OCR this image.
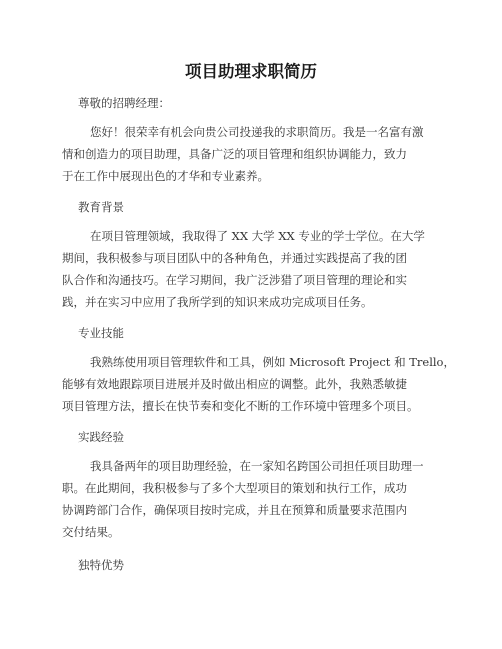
项目助理求职简历
尊敬的招聘经理：
您好！很荣幸有机会向贵公司投递我的求职简历。我是一名富有激
情和创造力的项目助理，具备广泛的项目管理和组织协调能力，致力
于在工作中展现出色的才华和专业素养。
教育背景
在项目管理领域，我取得了 XX 大学 XX 专业的学士学位。在大学
期间，我积极参与项目团队中的各种角色，并通过实践提高了我的团
队合作和沟通技巧。在学习期间，我广泛涉猎了项目管理的理论和实
践，并在实习中应用了我所学到的知识来成功完成项目任务。
专业技能
我熟练使用项目管理软件和工具，例如 Microsoft Project 和 Trello，
能够有效地跟踪项目进展并及时做出相应的调整。此外，我熟悉敏捷
项目管理方法，擅长在快节奏和变化不断的工作环境中管理多个项目。
实践经验
我具备两年的项目助理经验，在一家知名跨国公司担任项目助理一
职。在此期间，我积极参与了多个大型项目的策划和执行工作，成功
协调跨部门合作，确保项目按时完成，并且在预算和质量要求范围内
交付结果。
独特优势
